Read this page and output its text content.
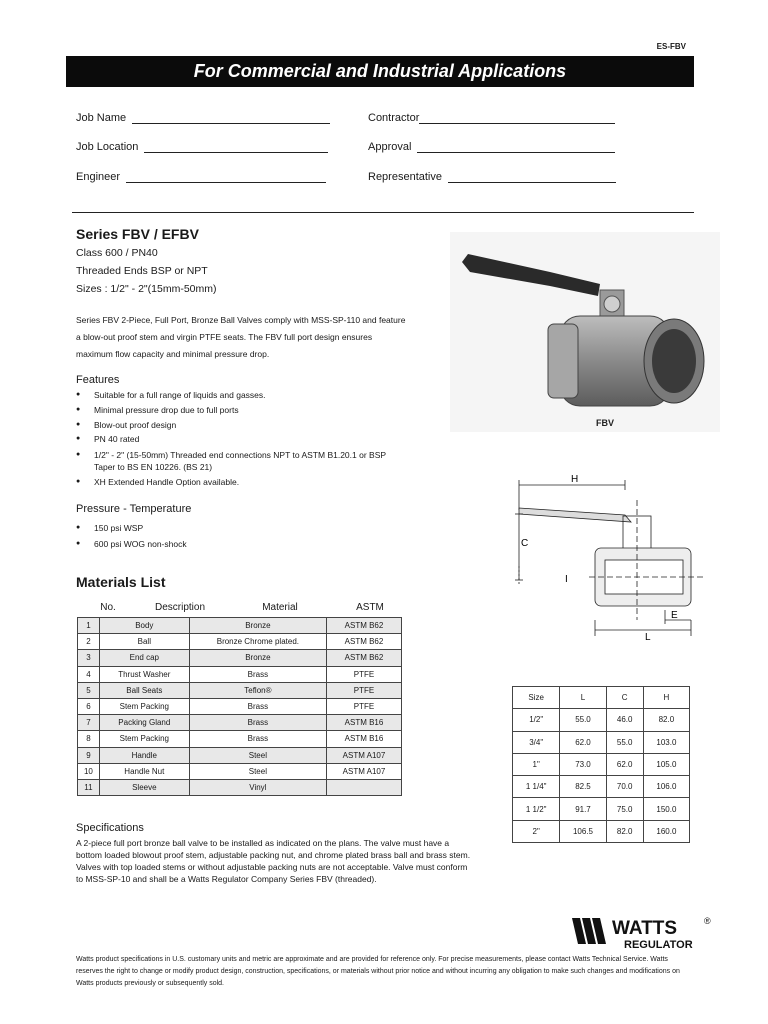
ES-FBV
For Commercial and Industrial Applications
Job Name
Job Location
Engineer
Contractor
Approval
Representative
Series FBV / EFBV
Class 600 / PN40
Threaded Ends BSP or NPT
Sizes : 1/2" - 2"(15mm-50mm)
Series FBV 2-Piece, Full Port, Bronze Ball Valves comply with MSS-SP-110 and feature a blow-out proof stem and virgin PTFE seats. The FBV full port design ensures maximum flow capacity and minimal pressure drop.
Features
● Suitable for a full range of liquids and gasses.
● Minimal pressure drop due to full ports
● Blow-out proof design
● PN 40 rated
● 1/2" - 2" (15-50mm) Threaded end connections NPT to ASTM B1.20.1 or BSP Taper to BS EN 10226. (BS 21)
● XH Extended Handle Option available.
Pressure - Temperature
● 150 psi WSP
● 600 psi WOG non-shock
FBV
H
C
I
E
L
Materials List
No.	Description	Material	ASTM
1	Body	Bronze	ASTM B62
2	Ball	Bronze Chrome plated.	ASTM B62
3	End cap	Bronze	ASTM B62
4	Thrust Washer	Brass	PTFE
5	Ball Seats	Teflon®	PTFE
6	Stem Packing	Brass	PTFE
7	Packing Gland	Brass	ASTM B16
8	Stem Packing	Brass	ASTM B16
9	Handle	Steel	ASTM A107
10	Handle Nut	Steel	ASTM A107
11	Sleeve	Vinyl	
Size	L	C	H
1/2"	55.0	46.0	82.0
3/4"	62.0	55.0	103.0
1"	73.0	62.0	105.0
1 1/4"	82.5	70.0	106.0
1 1/2"	91.7	75.0	150.0
2"	106.5	82.0	160.0
Specifications
A 2-piece full port bronze ball valve to be installed as indicated on the plans. The valve must have a bottom loaded blowout proof stem, adjustable packing nut, and chrome plated brass ball and brass stem. Valves with top loaded stems or without adjustable packing nuts are not acceptable. Valve must conform to MSS-SP-10 and shall be a Watts Regulator Company Series FBV (threaded).
WATTS	®
REGULATOR
Watts product specifications in U.S. customary units and metric are approximate and are provided for reference only. For precise measurements, please contact Watts Technical Service. Watts reserves the right to change or modify product design, construction, specifications, or materials without prior notice and without incurring any obligation to make such changes and modifications on Watts products previously or subsequently sold.
